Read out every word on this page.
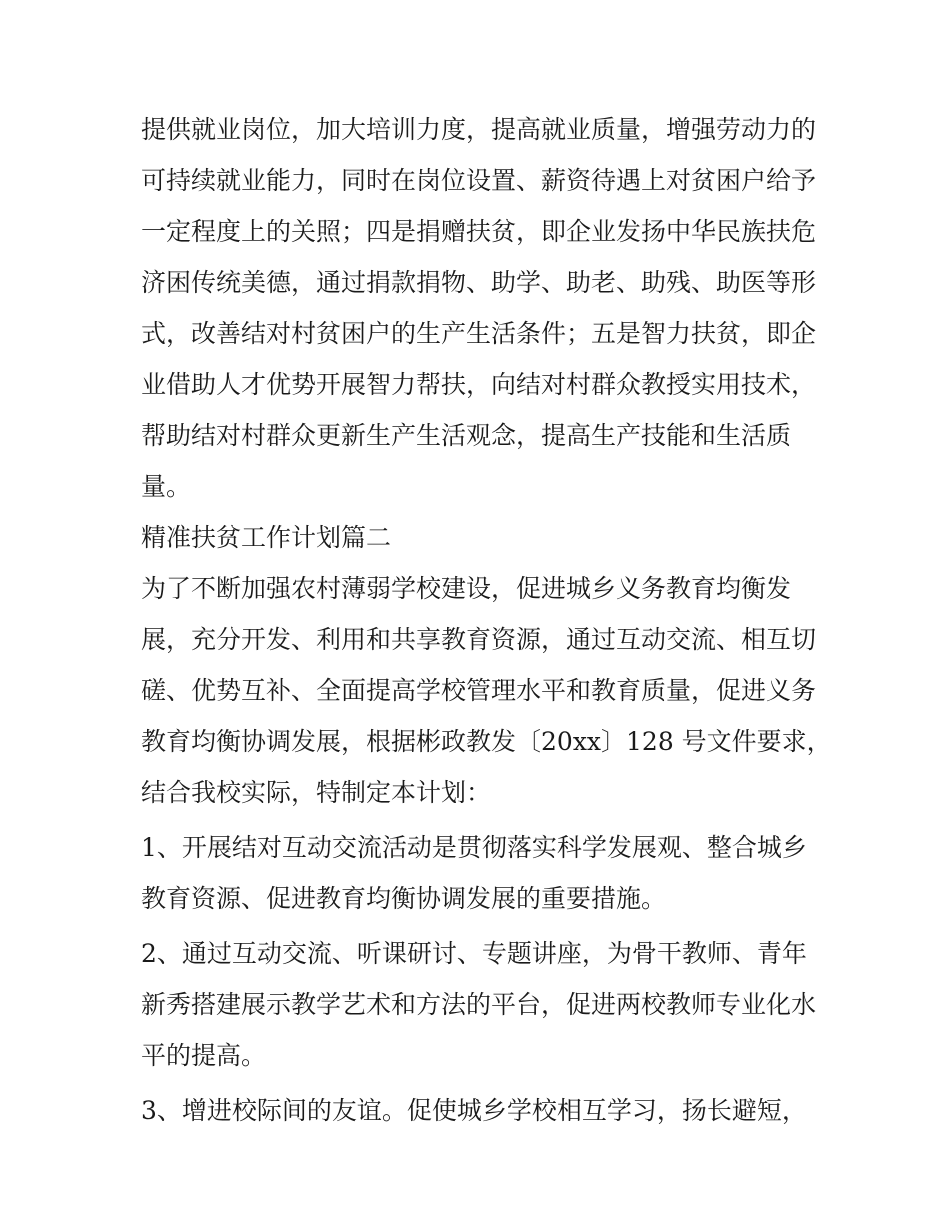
提供就业岗位，加大培训力度，提高就业质量，增强劳动力的

可持续就业能力，同时在岗位设置、薪资待遇上对贫困户给予

一定程度上的关照；四是捐赠扶贫，即企业发扬中华民族扶危

济困传统美德，通过捐款捐物、助学、助老、助残、助医等形

式，改善结对村贫困户的生产生活条件；五是智力扶贫，即企

业借助人才优势开展智力帮扶，向结对村群众教授实用技术，

帮助结对村群众更新生产生活观念，提高生产技能和生活质

量。

精准扶贫工作计划篇二

为了不断加强农村薄弱学校建设，促进城乡义务教育均衡发

展，充分开发、利用和共享教育资源，通过互动交流、相互切

磋、优势互补、全面提高学校管理水平和教育质量，促进义务

教育均衡协调发展，根据彬政教发〔20xx〕128 号文件要求，

结合我校实际，特制定本计划：

1、开展结对互动交流活动是贯彻落实科学发展观、整合城乡

教育资源、促进教育均衡协调发展的重要措施。

2、通过互动交流、听课研讨、专题讲座，为骨干教师、青年

新秀搭建展示教学艺术和方法的平台，促进两校教师专业化水

平的提高。

3、增进校际间的友谊。促使城乡学校相互学习，扬长避短，
